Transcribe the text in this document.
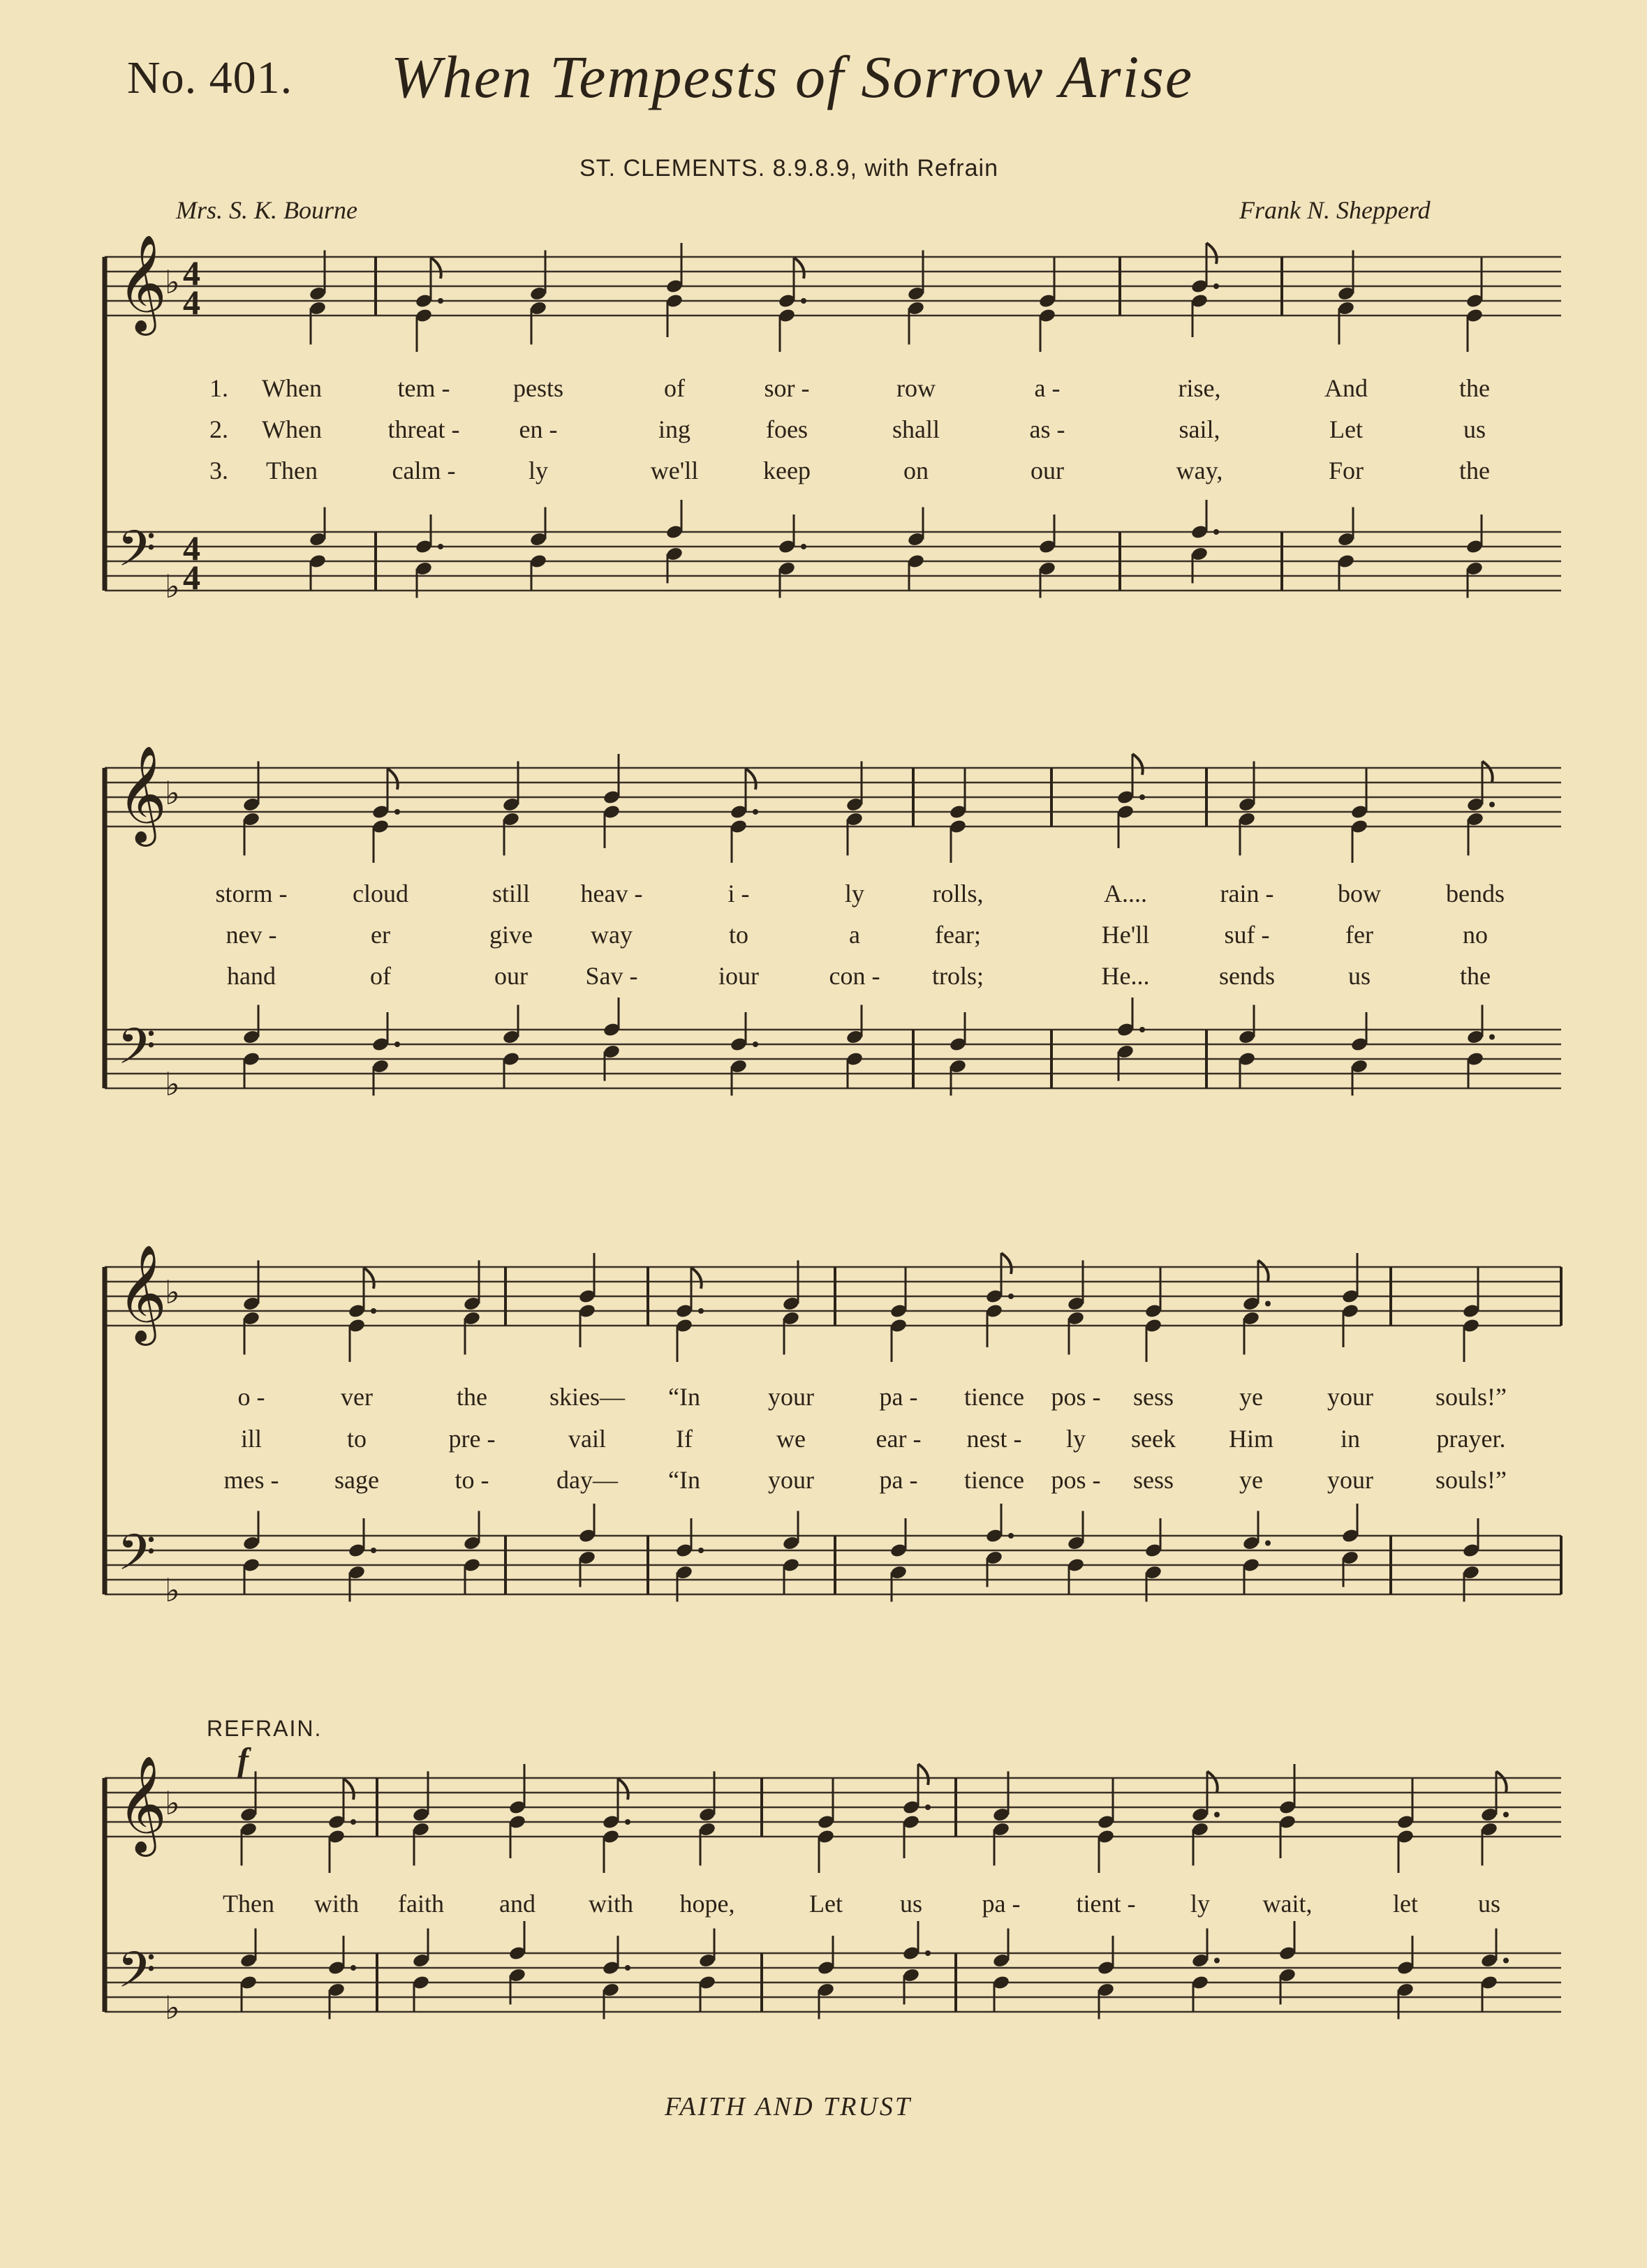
No. 401. When Tempests of Sorrow Arise
ST. CLEMENTS. 8.9.8.9, with Refrain
Mrs. S. K. Bourne	Frank N. Shepperd
REFRAIN.
FAITH AND TRUST
𝄞
𝄢
♭
♭
4
4
4
4
𝄞
𝄢
♭
♭
𝄞
𝄢
♭
♭
𝄞
𝄢
♭
♭
f
1. When	tem -	pests	of	sor -	row	a -	rise,	And	the
2. When	threat - en -	ing	foes	shall	as -	sail,	Let	us
3. Then	calm -	ly	we'll	keep	on	our	way,	For	the
storm -	cloud	still heav -	i -	ly	rolls,	A....	rain -	bow	bends
nev -	er	give way	to	a	fear;	He'll	suf -	fer	no
hand	of	our Sav -	iour	con - trols;	He...	sends	us	the
o -	ver	the skies— “In	your	pa - tience pos - sess	ye	your souls!”
ill	to	pre -	vail	If	we	ear - nest - ly seek Him	in	prayer.
mes - sage	to -	day— “In	your	pa - tience pos - sess	ye	your souls!”
Then with faith and with hope,	Let us pa - tient - ly wait,	let us
